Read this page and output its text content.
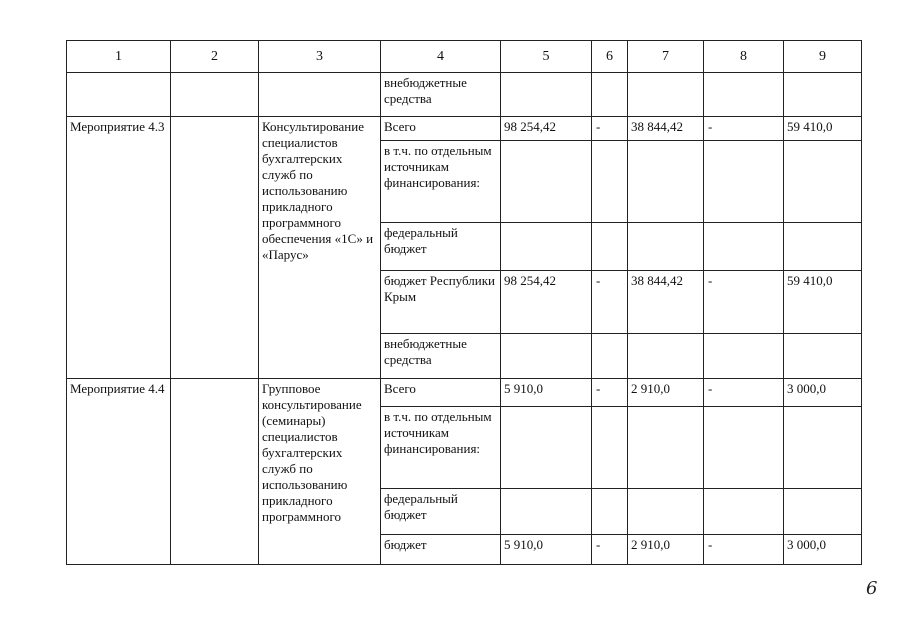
1	2	3	4	5	6	7	8	9
			внебюджетные средства					
Мероприятие 4.3		Консультирование специалистов бухгалтерских служб по использованию прикладного программного обеспечения «1С» и «Парус»	Всего	98 254,42	-	38 844,42	-	59 410,0
			в т.ч. по отдельным источникам финансирования:					
			федеральный бюджет					
			бюджет Республики Крым	98 254,42	-	38 844,42	-	59 410,0
			внебюджетные средства					
Мероприятие 4.4		Групповое консультирование (семинары) специалистов бухгалтерских служб по использованию прикладного программного	Всего	5 910,0	-	2 910,0	-	3 000,0
			в т.ч. по отдельным источникам финансирования:					
			федеральный бюджет					
			бюджет	5 910,0	-	2 910,0	-	3 000,0
6
